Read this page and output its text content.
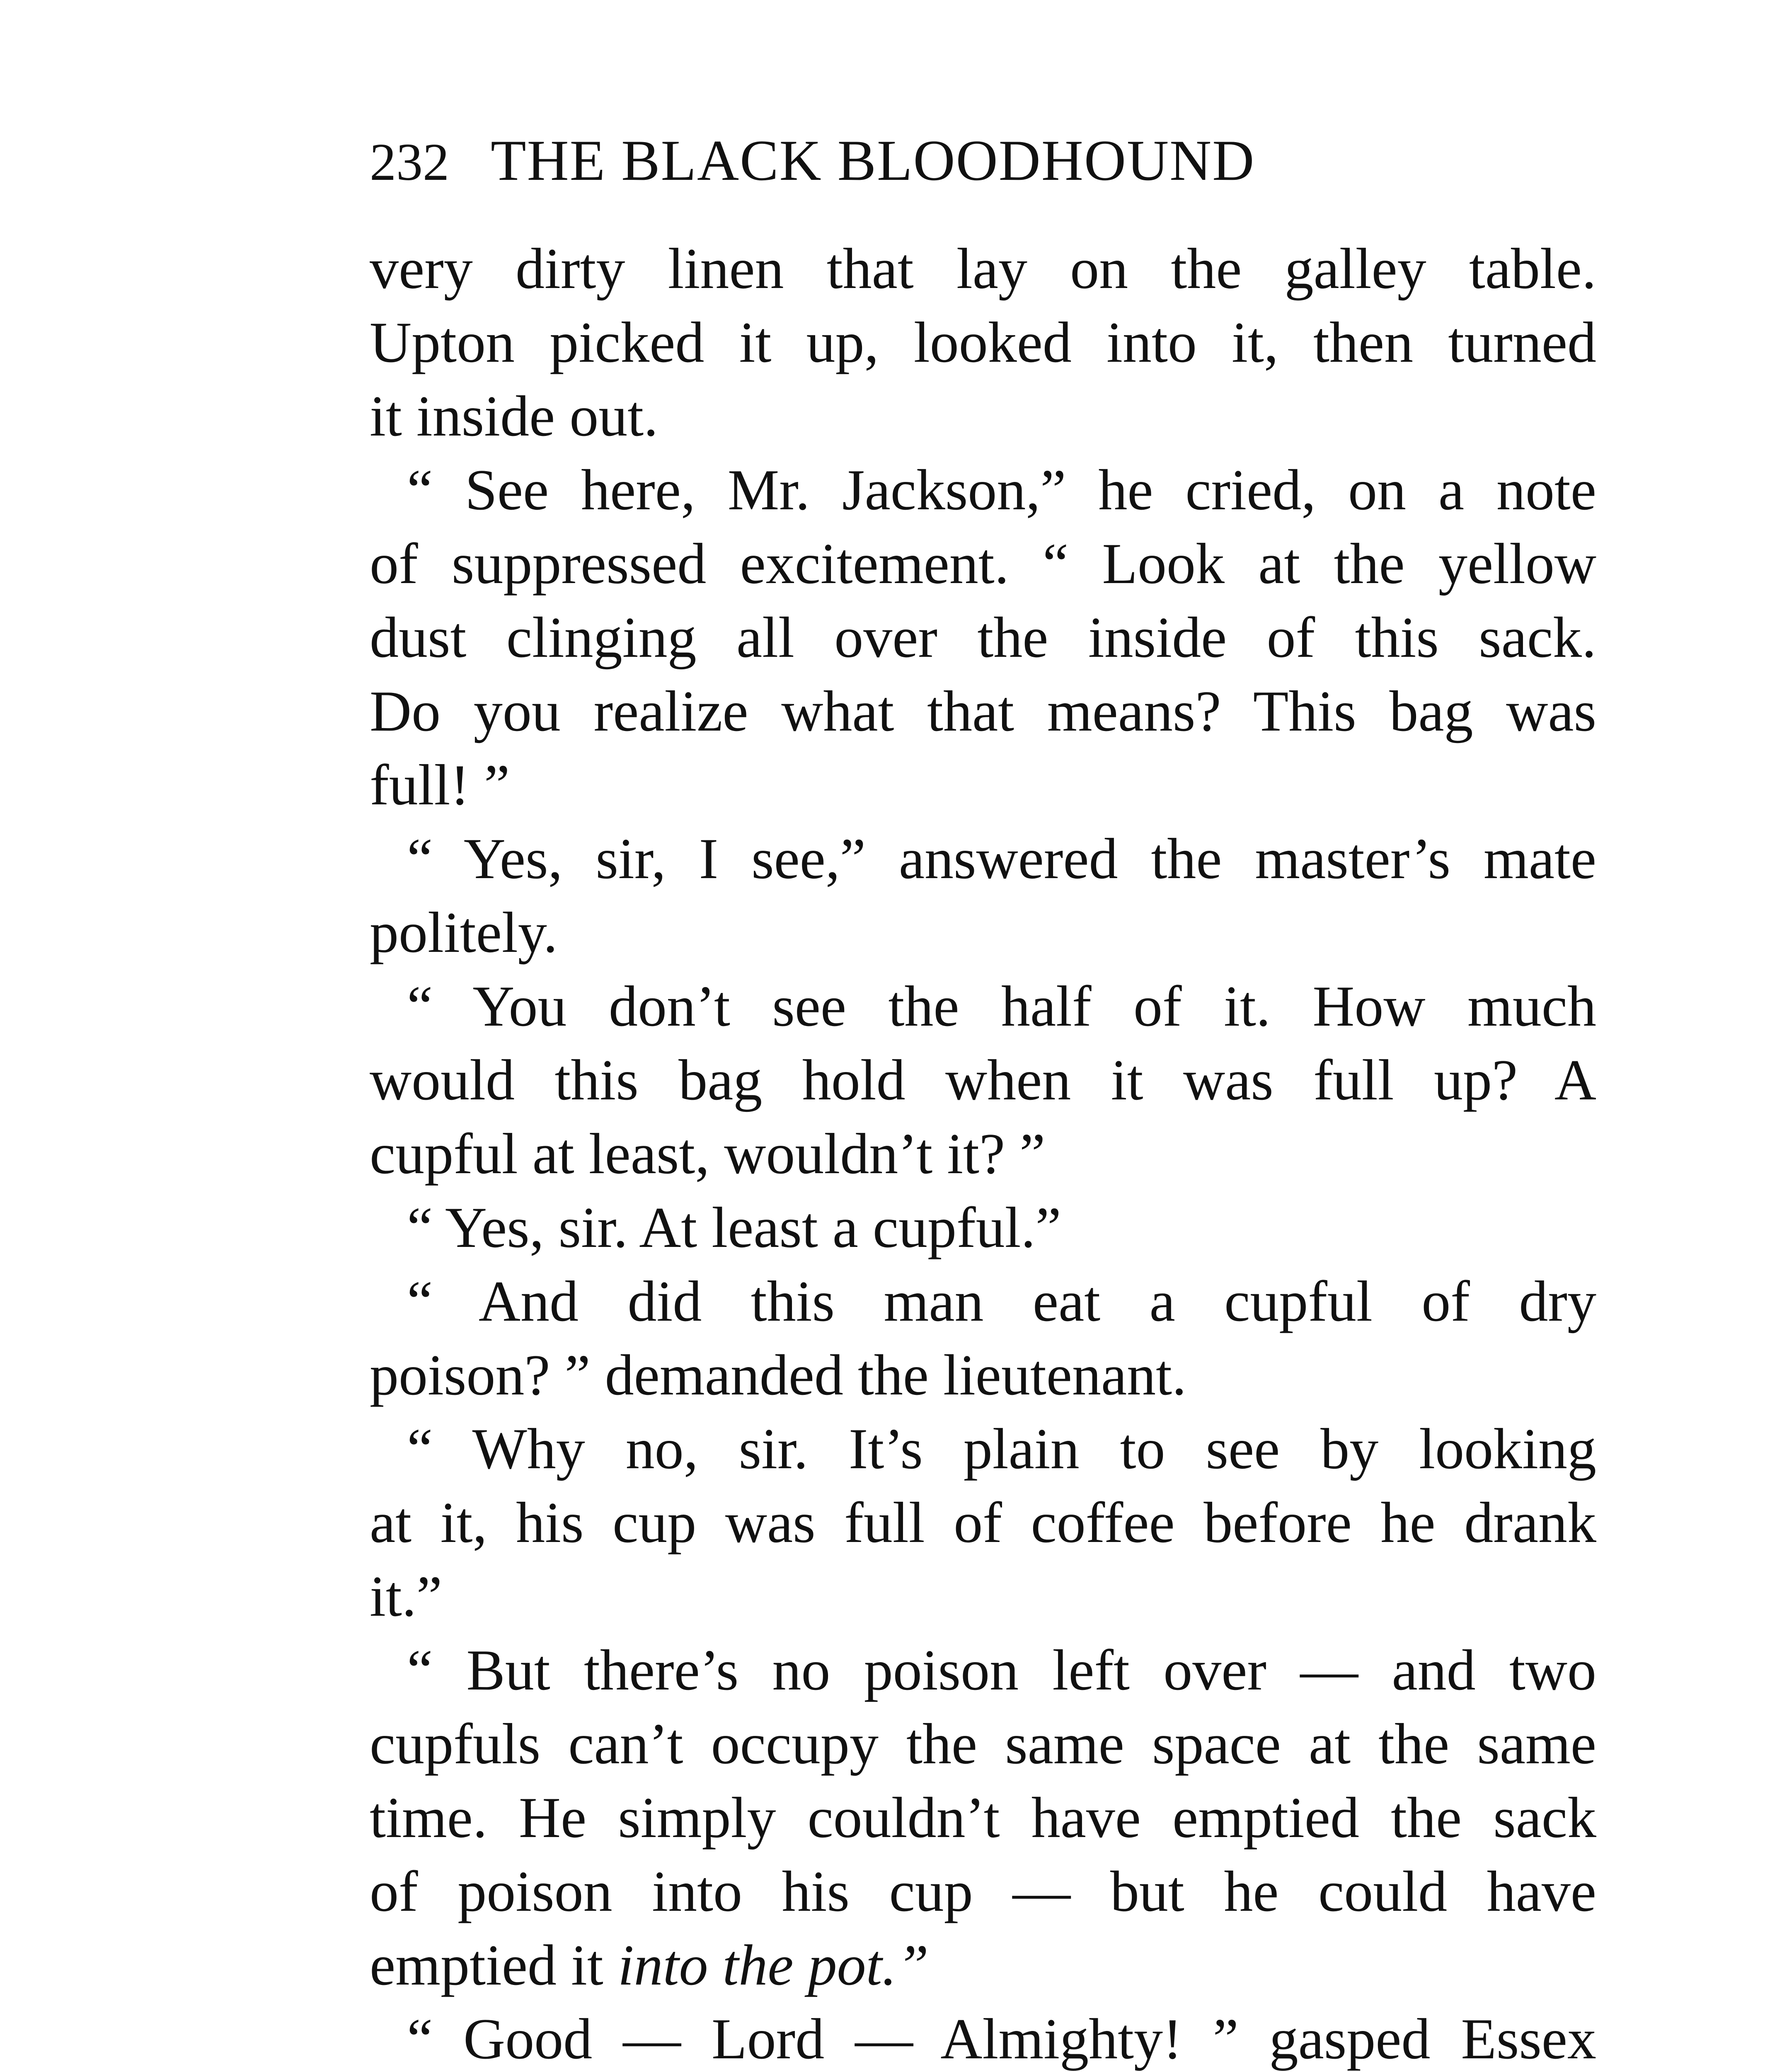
232 THE BLACK BLOODHOUND
very dirty linen that lay on the galley table.
Upton picked it up, looked into it, then turned
it inside out.
“ See here, Mr. Jackson,” he cried, on a note
of suppressed excitement. “ Look at the yellow
dust clinging all over the inside of this sack.
Do you realize what that means? This bag was
full! ”
“ Yes, sir, I see,” answered the master’s mate
politely.
“ You don’t see the half of it. How much
would this bag hold when it was full up? A
cupful at least, wouldn’t it? ”
“ Yes, sir. At least a cupful.”
“ And did this man eat a cupful of dry
poison? ” demanded the lieutenant.
“ Why no, sir. It’s plain to see by looking
at it, his cup was full of coffee before he drank
it.”
“ But there’s no poison left over — and two
cupfuls can’t occupy the same space at the same
time. He simply couldn’t have emptied the sack
of poison into his cup — but he could have
emptied it into the pot.”
“ Good — Lord — Almighty! ” gasped Essex
